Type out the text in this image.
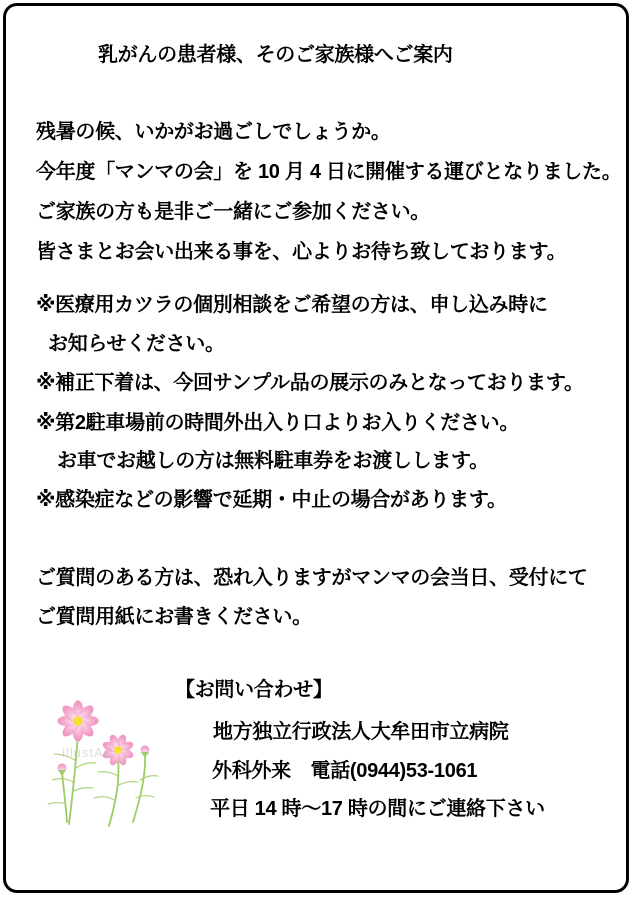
乳がんの患者様、そのご家族様へご案内
残暑の候、いかがお過ごしでしょうか。
今年度「マンマの会」を 10 月 4 日に開催する運びとなりました。
ご家族の方も是非ご一緒にご参加ください。
皆さまとお会い出来る事を、心よりお待ち致しております。
※医療用カツラの個別相談をご希望の方は、申し込み時に
お知らせください。
※補正下着は、今回サンプル品の展示のみとなっております。
※第2駐車場前の時間外出入り口よりお入りください。
お車でお越しの方は無料駐車券をお渡しします。
※感染症などの影響で延期・中止の場合があります。
ご質問のある方は、恐れ入りますがマンマの会当日、受付にて
ご質問用紙にお書きください。
【お問い合わせ】
地方独立行政法人大牟田市立病院
外科外来　電話(0944)53-1061
平日 14 時～17 時の間にご連絡下さい
illustAC
